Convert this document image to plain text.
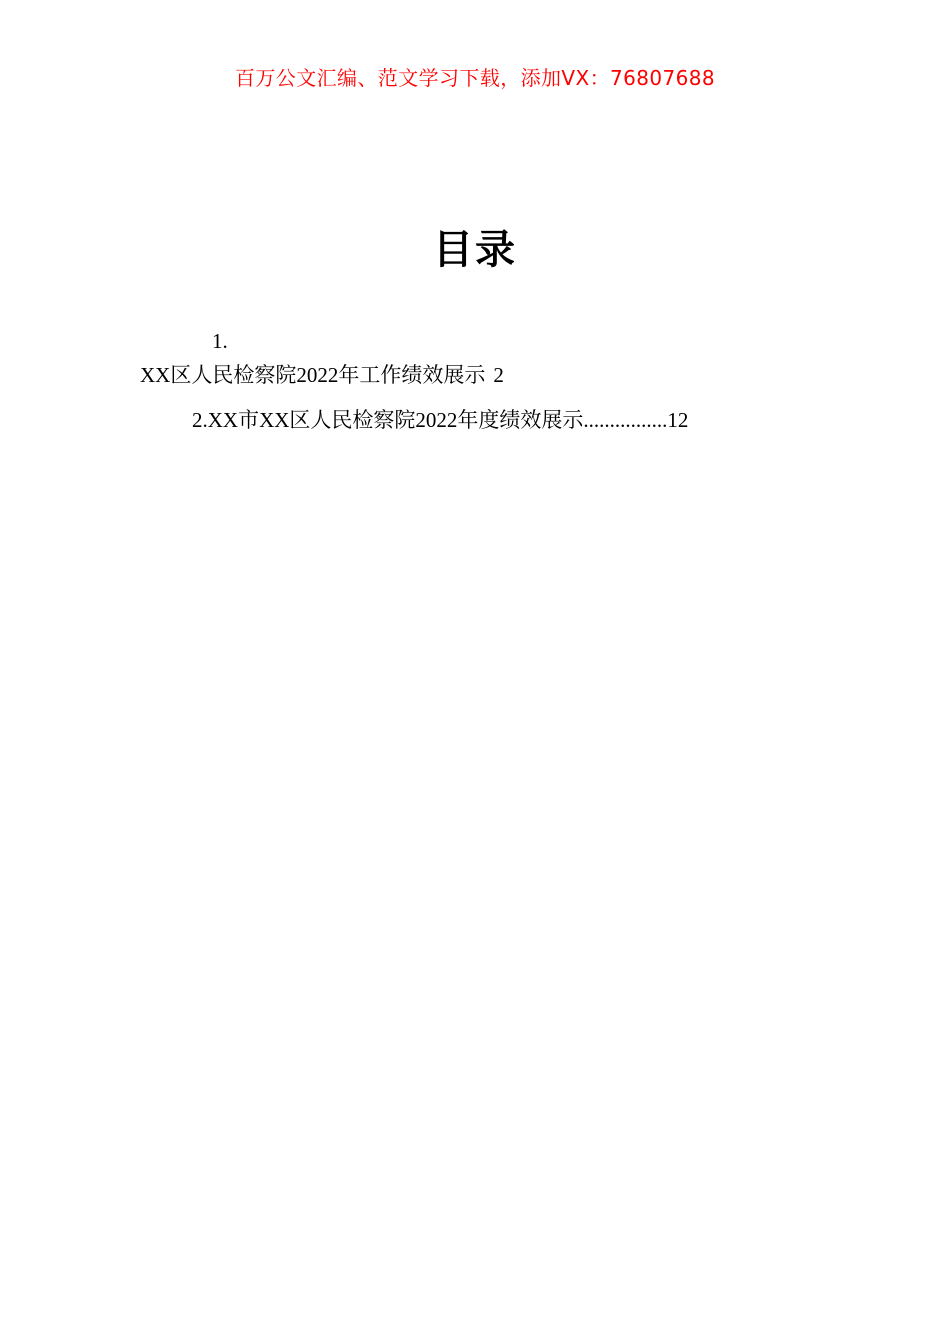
百万公文汇编、范文学习下载，添加VX：76807688
目录
1.
XX区人民检察院2022年工作绩效展示 2
2.XX市XX区人民检察院2022年度绩效展示................12
